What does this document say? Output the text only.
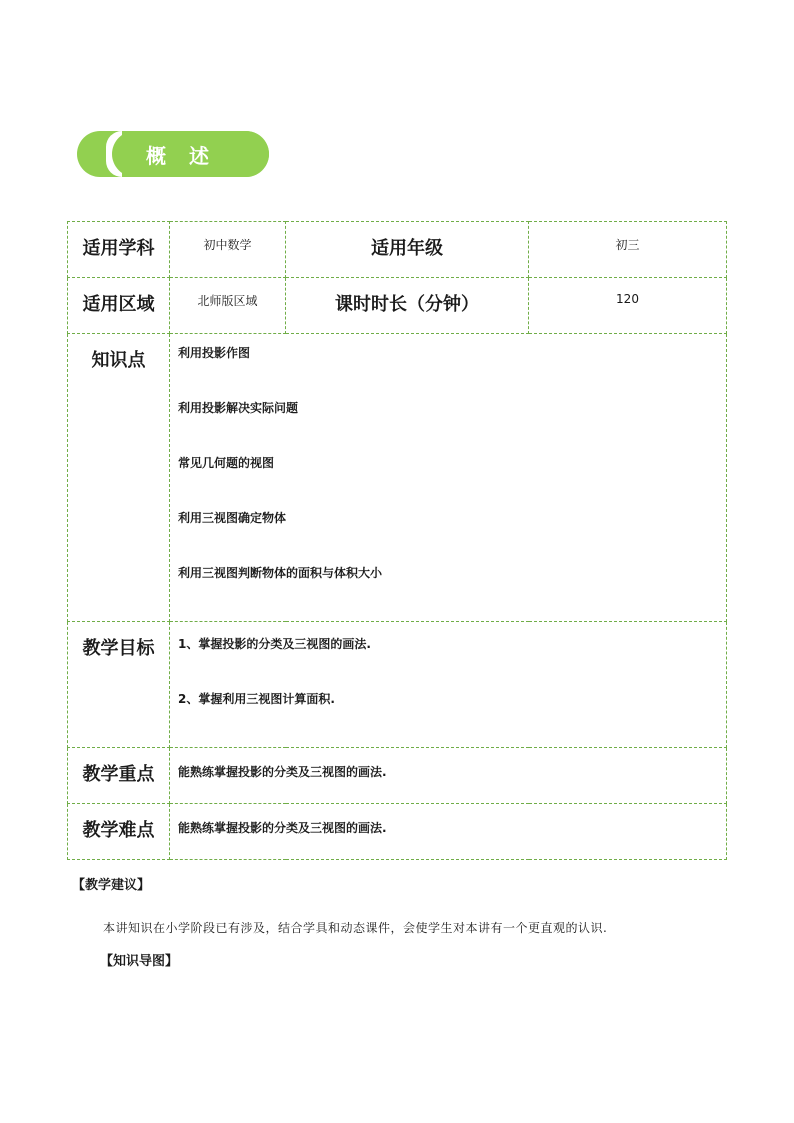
概 述
适用学科	初中数学	适用年级	初三

适用区域	北师版区域	课时时长（分钟）	120

知识点	利用投影作图
利用投影解决实际问题
常见几何题的视图
利用三视图确定物体
利用三视图判断物体的面积与体积大小		

教学目标	1、掌握投影的分类及三视图的画法.
2、掌握利用三视图计算面积.		

教学重点	能熟练掌握投影的分类及三视图的画法.		

教学难点	能熟练掌握投影的分类及三视图的画法.		
【教学建议】
本讲知识在小学阶段已有涉及，结合学具和动态课件，会使学生对本讲有一个更直观的认识.
【知识导图】
